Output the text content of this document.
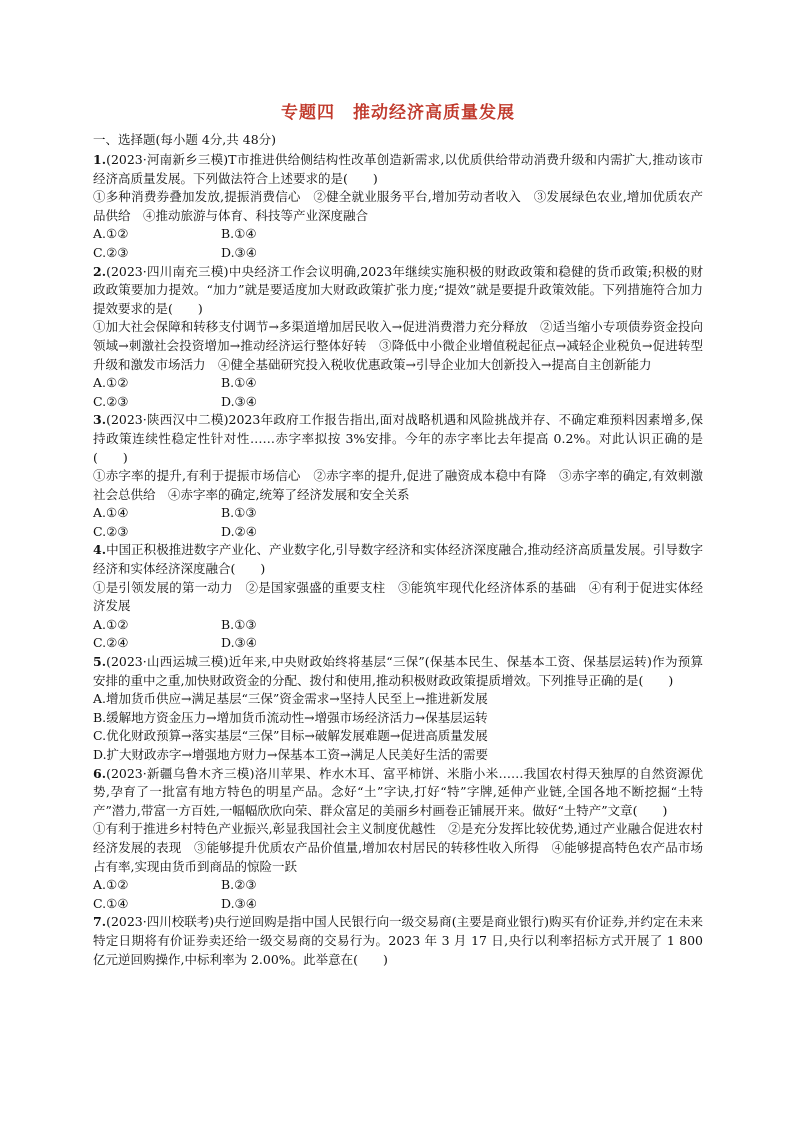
专题四　推动经济高质量发展
一、选择题(每小题 4分,共 48分)
1.(2023·河南新乡三模)T市推进供给侧结构性改革创造新需求,以优质供给带动消费升级和内需扩大,推动该市经济高质量发展。下列做法符合上述要求的是(　　)
①多种消费券叠加发放,提振消费信心　②健全就业服务平台,增加劳动者收入　③发展绿色农业,增加优质农产品供给　④推动旅游与体育、科技等产业深度融合
A.①②	B.①④
C.②③	D.③④
2.(2023·四川南充三模)中央经济工作会议明确,2023年继续实施积极的财政政策和稳健的货币政策;积极的财政政策要加力提效。“加力”就是要适度加大财政政策扩张力度;“提效”就是要提升政策效能。下列措施符合加力提效要求的是(　　)
①加大社会保障和转移支付调节→多渠道增加居民收入→促进消费潜力充分释放　②适当缩小专项债券资金投向领域→刺激社会投资增加→推动经济运行整体好转　③降低中小微企业增值税起征点→减轻企业税负→促进转型升级和激发市场活力　④健全基础研究投入税收优惠政策→引导企业加大创新投入→提高自主创新能力
A.①②	B.①④
C.②③	D.③④
3.(2023·陕西汉中二模)2023年政府工作报告指出,面对战略机遇和风险挑战并存、不确定难预料因素增多,保持政策连续性稳定性针对性……赤字率拟按 3%安排。今年的赤字率比去年提高 0.2%。对此认识正确的是(　　)
①赤字率的提升,有利于提振市场信心　②赤字率的提升,促进了融资成本稳中有降　③赤字率的确定,有效刺激社会总供给　④赤字率的确定,统筹了经济发展和安全关系
A.①④	B.①③
C.②③	D.②④
4.中国正积极推进数字产业化、产业数字化,引导数字经济和实体经济深度融合,推动经济高质量发展。引导数字经济和实体经济深度融合(　　)
①是引领发展的第一动力　②是国家强盛的重要支柱　③能筑牢现代化经济体系的基础　④有利于促进实体经济发展
A.①②	B.①③
C.②④	D.③④
5.(2023·山西运城三模)近年来,中央财政始终将基层“三保”(保基本民生、保基本工资、保基层运转)作为预算安排的重中之重,加快财政资金的分配、拨付和使用,推动积极财政政策提质增效。下列推导正确的是(　　)
A.增加货币供应→满足基层“三保”资金需求→坚持人民至上→推进新发展
B.缓解地方资金压力→增加货币流动性→增强市场经济活力→保基层运转
C.优化财政预算→落实基层“三保”目标→破解发展难题→促进高质量发展
D.扩大财政赤字→增强地方财力→保基本工资→满足人民美好生活的需要
6.(2023·新疆乌鲁木齐三模)洛川苹果、柞水木耳、富平柿饼、米脂小米……我国农村得天独厚的自然资源优势,孕育了一批富有地方特色的明星产品。念好“土”字诀,打好“特”字牌,延伸产业链,全国各地不断挖掘“土特产”潜力,带富一方百姓,一幅幅欣欣向荣、群众富足的美丽乡村画卷正铺展开来。做好“土特产”文章(　　)
①有利于推进乡村特色产业振兴,彰显我国社会主义制度优越性　②是充分发挥比较优势,通过产业融合促进农村经济发展的表现　③能够提升优质农产品价值量,增加农村居民的转移性收入所得　④能够提高特色农产品市场占有率,实现由货币到商品的惊险一跃
A.①②	B.②③
C.①④	D.③④
7.(2023·四川校联考)央行逆回购是指中国人民银行向一级交易商(主要是商业银行)购买有价证券,并约定在未来特定日期将有价证券卖还给一级交易商的交易行为。2023 年 3 月 17 日,央行以利率招标方式开展了 1 800 亿元逆回购操作,中标利率为 2.00%。此举意在(　　)
